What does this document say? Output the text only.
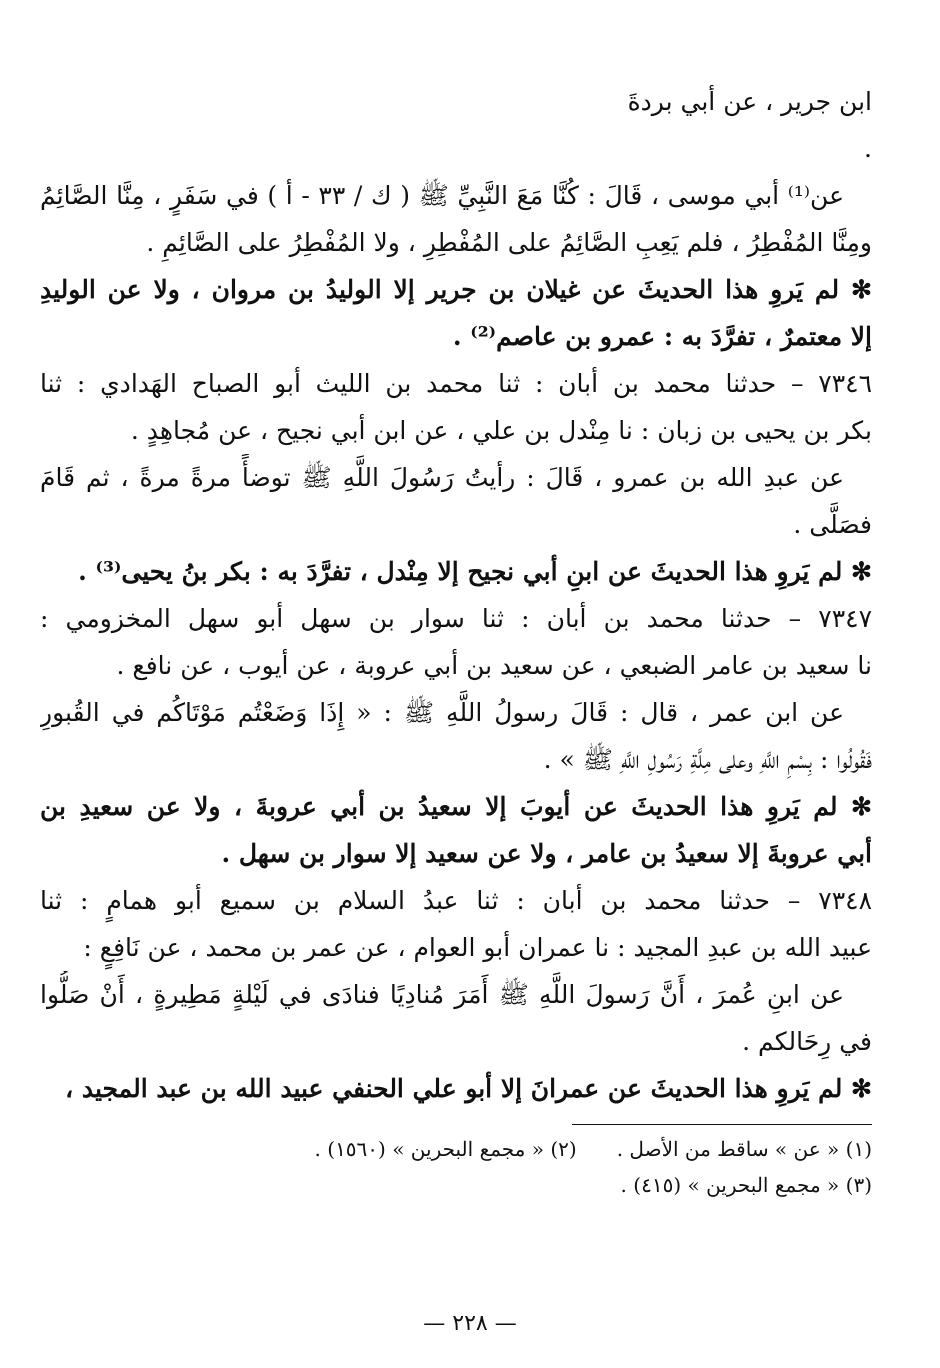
ابن جرير ، عن أبي بردةَ
.
عن⁽¹⁾ أبي موسى ، قَالَ : كُنَّا مَعَ النَّبِيِّ ﷺ ( ك / ٣٣ - أ ) في سَفَرٍ ، مِنَّا الصَّائِمُ
ومِنَّا المُفْطِرُ ، فلم يَعِبِ الصَّائِمُ على المُفْطِرِ ، ولا المُفْطِرُ على الصَّائِمِ .
✻ لم يَروِ هذا الحديثَ عن غيلان بن جرير إلا الوليدُ بن مروان ، ولا عن الوليدِ
إلا معتمرٌ ، تفرَّدَ به : عمرو بن عاصم⁽²⁾ .
٧٣٤٦ – حدثنا محمد بن أبان : ثنا محمد بن الليث أبو الصباح الهَدادي : ثنا
بكر بن يحيى بن زبان : نا مِنْدل بن علي ، عن ابن أبي نجيح ، عن مُجاهِدٍ .
عن عبدِ الله بن عمرو ، قَالَ : رأيتُ رَسُولَ اللَّهِ ﷺ توضأً مرةً مرةً ، ثم قَامَ
فصَلَّى .
✻ لم يَروِ هذا الحديثَ عن ابنِ أبي نجيح إلا مِنْدل ، تفرَّدَ به : بكر بنُ يحيى⁽³⁾ .
٧٣٤٧ – حدثنا محمد بن أبان : ثنا سوار بن سهل أبو سهل المخزومي :
نا سعيد بن عامر الضبعي ، عن سعيد بن أبي عروبة ، عن أيوب ، عن نافع .
عن ابن عمر ، قال : قَالَ رسولُ اللَّهِ ﷺ : « إِذَا وَضَعْتُم مَوْتَاكُم في القُبورِ
فَقُولُوا : بِسْمِ اللَّهِ وعلى مِلَّةِ رَسُولِ اللَّهِ ﷺ » .
✻ لم يَروِ هذا الحديثَ عن أيوبَ إلا سعيدُ بن أبي عروبةَ ، ولا عن سعيدِ بن
أبي عروبةَ إلا سعيدُ بن عامر ، ولا عن سعيد إلا سوار بن سهل .
٧٣٤٨ – حدثنا محمد بن أبان : ثنا عبدُ السلام بن سميع أبو همامٍ : ثنا
عبيد الله بن عبدِ المجيد : نا عمران أبو العوام ، عن عمر بن محمد ، عن نَافِعٍ :
عن ابنِ عُمرَ ، أَنَّ رَسولَ اللَّهِ ﷺ أَمَرَ مُنادِيًا فنادَى في لَيْلةٍ مَطِيرةٍ ، أَنْ صَلُّوا
في رِحَالكم .
✻ لم يَروِ هذا الحديثَ عن عمرانَ إلا أبو علي الحنفي عبيد الله بن عبد المجيد ،
(١) « عن » ساقط من الأصل .
(٢) « مجمع البحرين » (١٥٦٠) .
(٣) « مجمع البحرين » (٤١٥) .
— ٢٢٨ —
